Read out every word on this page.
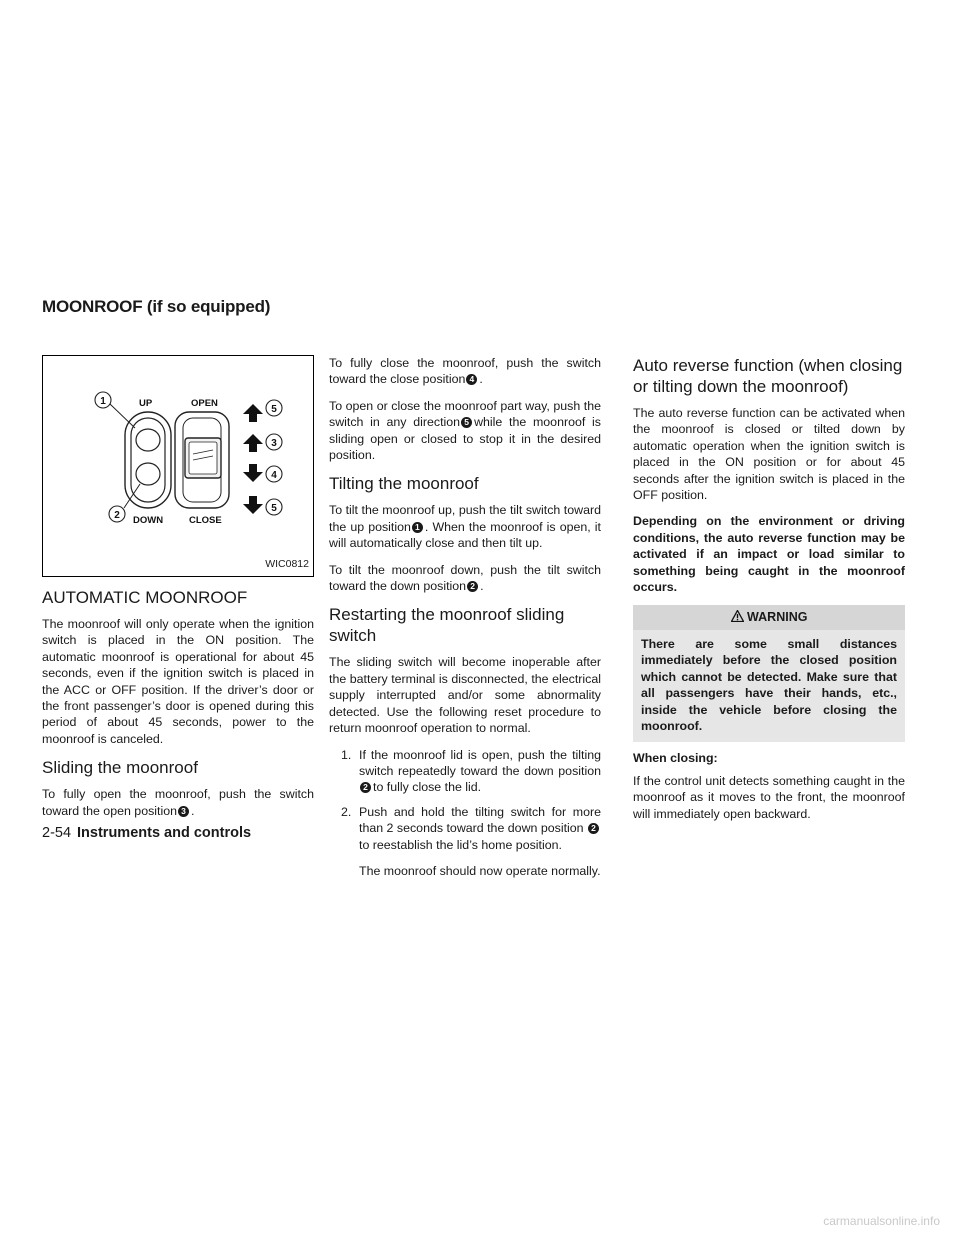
MOONROOF (if so equipped)
1
2
5
3
4
5
UP
DOWN
OPEN
CLOSE
WIC0812
AUTOMATIC MOONROOF

The moonroof will only operate when the ignition switch is placed in the ON position. The automatic moonroof is operational for about 45 seconds, even if the ignition switch is placed in the ACC or OFF position. If the driver’s door or the front passenger’s door is opened during this period of about 45 seconds, power to the moonroof is canceled.

Sliding the moonroof

To fully open the moonroof, push the switch toward the open position 3 .

To fully close the moonroof, push the switch toward the close position 4 .

To open or close the moonroof part way, push the switch in any direction 5 while the moonroof is sliding open or closed to stop it in the desired position.

Tilting the moonroof

To tilt the moonroof up, push the tilt switch toward the up position 1 . When the moonroof is open, it will automatically close and then tilt up.

To tilt the moonroof down, push the tilt switch toward the down position 2 .

Restarting the moonroof sliding switch

The sliding switch will become inoperable after the battery terminal is disconnected, the electrical supply interrupted and/or some abnormality detected. Use the following reset procedure to return moonroof operation to normal.

1. If the moonroof lid is open, push the tilting switch repeatedly toward the down position 2 to fully close the lid.
2. Push and hold the tilting switch for more than 2 seconds toward the down position 2to reestablish the lid’s home position.

The moonroof should now operate normally.

Auto reverse function (when closing or tilting down the moonroof)

The auto reverse function can be activated when the moonroof is closed or tilted down by automatic operation when the ignition switch is placed in the ON position or for about 45 seconds after the ignition switch is placed in the OFF position.

Depending on the environment or driving conditions, the auto reverse function may be activated if an impact or load similar to something being caught in the moonroof occurs.

WARNING
There are some small distances immediately before the closed position which cannot be detected. Make sure that all passengers have their hands, etc., inside the vehicle before closing the moonroof.

When closing:

If the control unit detects something caught in the moonroof as it moves to the front, the moonroof will immediately open backward.

2-54 Instruments and controls
carmanualsonline.info
